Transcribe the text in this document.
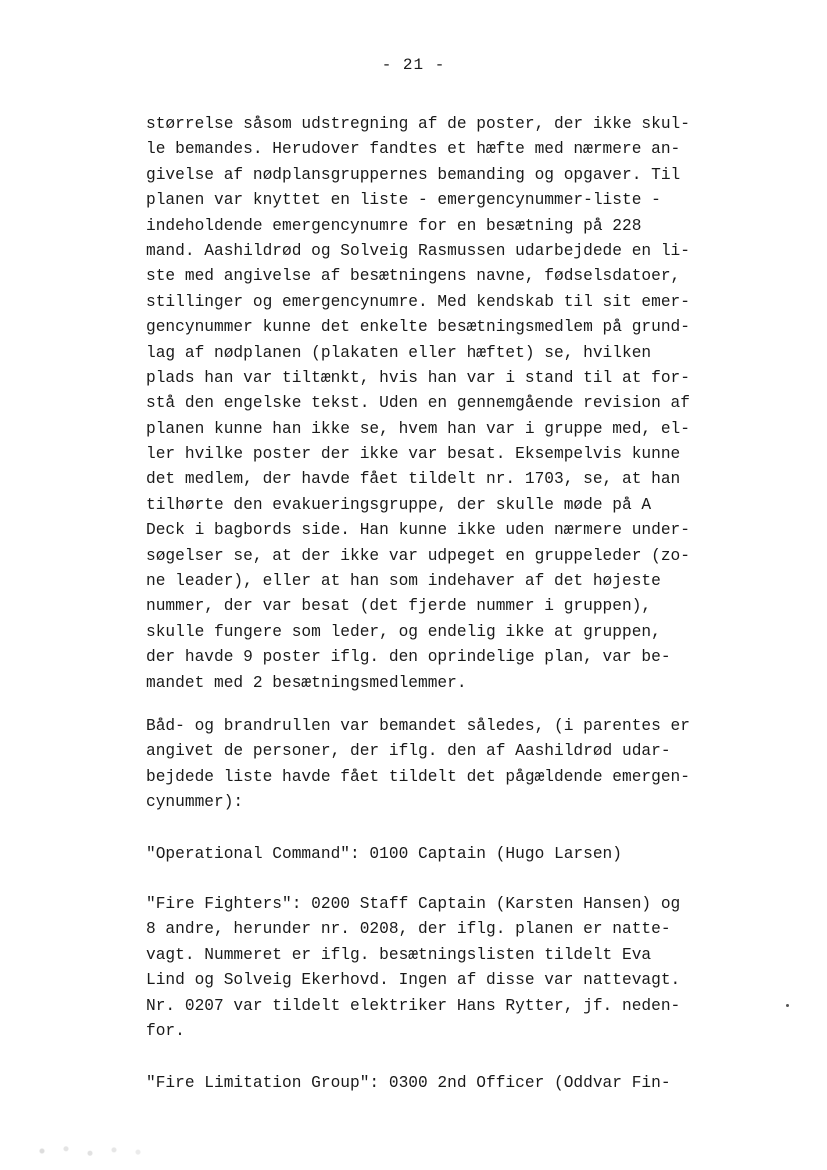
- 21 -
størrelse såsom udstregning af de poster, der ikke skul-
le bemandes. Herudover fandtes et hæfte med nærmere an-
givelse af nødplansgruppernes bemanding og opgaver. Til
planen var knyttet en liste - emergencynummer-liste -
indeholdende emergencynumre for en besætning på 228
mand. Aashildrød og Solveig Rasmussen udarbejdede en li-
ste med angivelse af besætningens navne, fødselsdatoer,
stillinger og emergencynumre. Med kendskab til sit emer-
gencynummer kunne det enkelte besætningsmedlem på grund-
lag af nødplanen (plakaten eller hæftet) se, hvilken
plads han var tiltænkt, hvis han var i stand til at for-
stå den engelske tekst. Uden en gennemgående revision af
planen kunne han ikke se, hvem han var i gruppe med, el-
ler hvilke poster der ikke var besat. Eksempelvis kunne
det medlem, der havde fået tildelt nr. 1703, se, at han
tilhørte den evakueringsgruppe, der skulle møde på A
Deck i bagbords side. Han kunne ikke uden nærmere under-
søgelser se, at der ikke var udpeget en gruppeleder (zo-
ne leader), eller at han som indehaver af det højeste
nummer, der var besat (det fjerde nummer i gruppen),
skulle fungere som leder, og endelig ikke at gruppen,
der havde 9 poster iflg. den oprindelige plan, var be-
mandet med 2 besætningsmedlemmer.
Båd- og brandrullen var bemandet således, (i parentes er
angivet de personer, der iflg. den af Aashildrød udar-
bejdede liste havde fået tildelt det pågældende emergen-
cynummer):
"Operational Command": 0100 Captain (Hugo Larsen)
"Fire Fighters": 0200 Staff Captain (Karsten Hansen) og
8 andre, herunder nr. 0208, der iflg. planen er natte-
vagt. Nummeret er iflg. besætningslisten tildelt Eva
Lind og Solveig Ekerhovd. Ingen af disse var nattevagt.
Nr. 0207 var tildelt elektriker Hans Rytter, jf. neden-
for.
"Fire Limitation Group": 0300 2nd Officer (Oddvar Fin-
